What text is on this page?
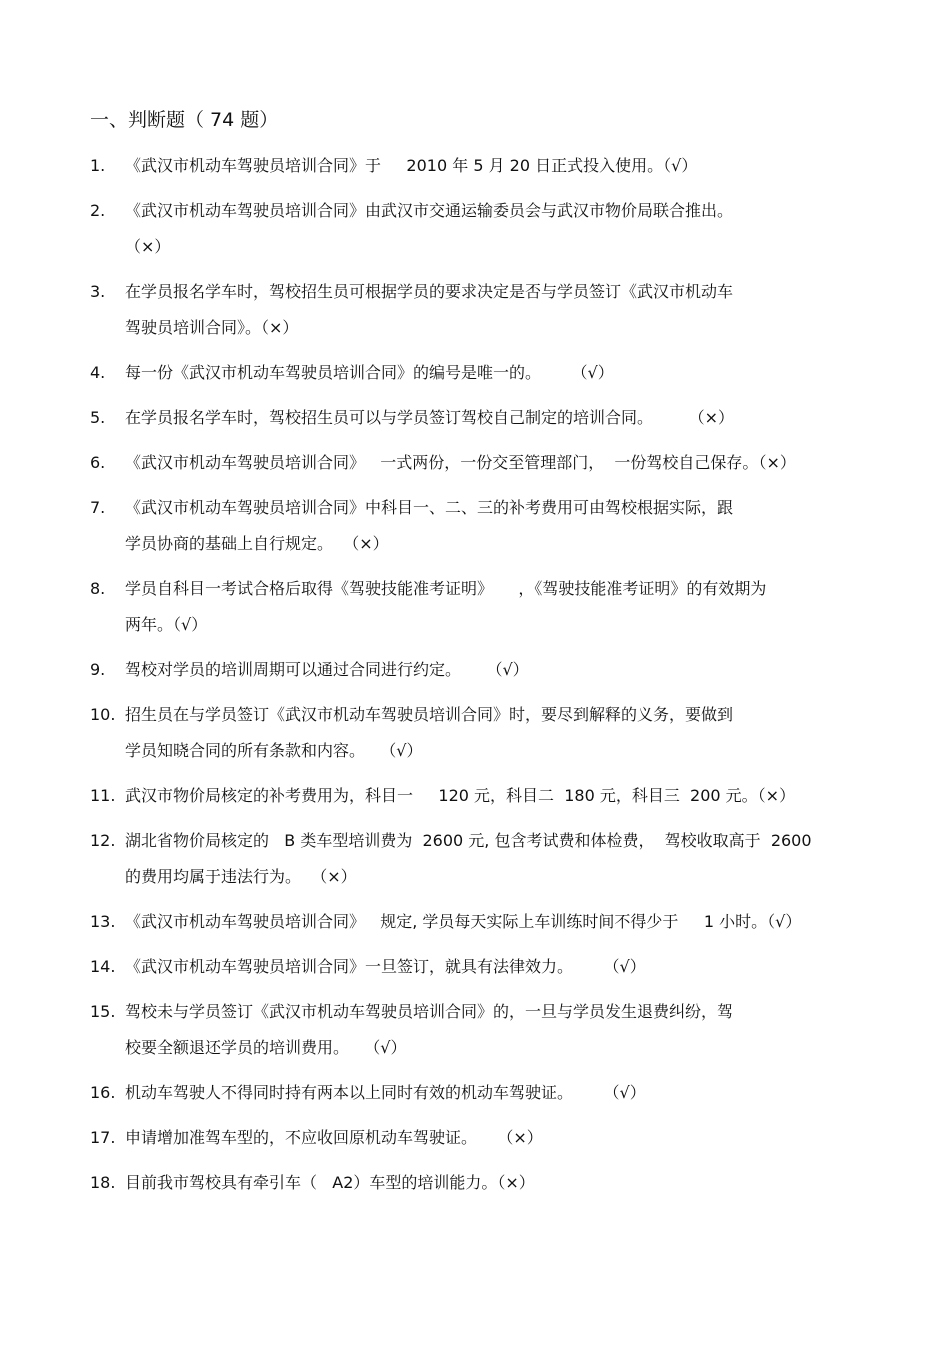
一、判断题（ 74 题）
1. 《武汉市机动车驾驶员培训合同》于     2010 年 5 月 20 日正式投入使用。（√）
2. 《武汉市机动车驾驶员培训合同》由武汉市交通运输委员会与武汉市物价局联合推出。
（×）
3. 在学员报名学车时，驾校招生员可根据学员的要求决定是否与学员签订《武汉市机动车
驾驶员培训合同》。（×）
4. 每一份《武汉市机动车驾驶员培训合同》的编号是唯一的。      （√）
5. 在学员报名学车时，驾校招生员可以与学员签订驾校自己制定的培训合同。       （×）
6. 《武汉市机动车驾驶员培训合同》   一式两份，一份交至管理部门，  一份驾校自己保存。（×）
7. 《武汉市机动车驾驶员培训合同》中科目一、二、三的补考费用可由驾校根据实际，跟
学员协商的基础上自行规定。  （×）
8. 学员自科目一考试合格后取得《驾驶技能准考证明》     ，《驾驶技能准考证明》的有效期为
两年。（√）
9. 驾校对学员的培训周期可以通过合同进行约定。     （√）
10. 招生员在与学员签订《武汉市机动车驾驶员培训合同》时，要尽到解释的义务，要做到
学员知晓合同的所有条款和内容。   （√）
11. 武汉市物价局核定的补考费用为，科目一     120 元，科目二  180 元，科目三  200 元。（×）
12. 湖北省物价局核定的   B 类车型培训费为  2600 元, 包含考试费和体检费，  驾校收取高于  2600
的费用均属于违法行为。  （×）
13. 《武汉市机动车驾驶员培训合同》   规定, 学员每天实际上车训练时间不得少于     1 小时。（√）
14. 《武汉市机动车驾驶员培训合同》一旦签订，就具有法律效力。      （√）
15. 驾校未与学员签订《武汉市机动车驾驶员培训合同》的，一旦与学员发生退费纠纷，驾
校要全额退还学员的培训费用。   （√）
16. 机动车驾驶人不得同时持有两本以上同时有效的机动车驾驶证。      （√）
17. 申请增加准驾车型的，不应收回原机动车驾驶证。    （×）
18. 目前我市驾校具有牵引车（   A2）车型的培训能力。（×）
